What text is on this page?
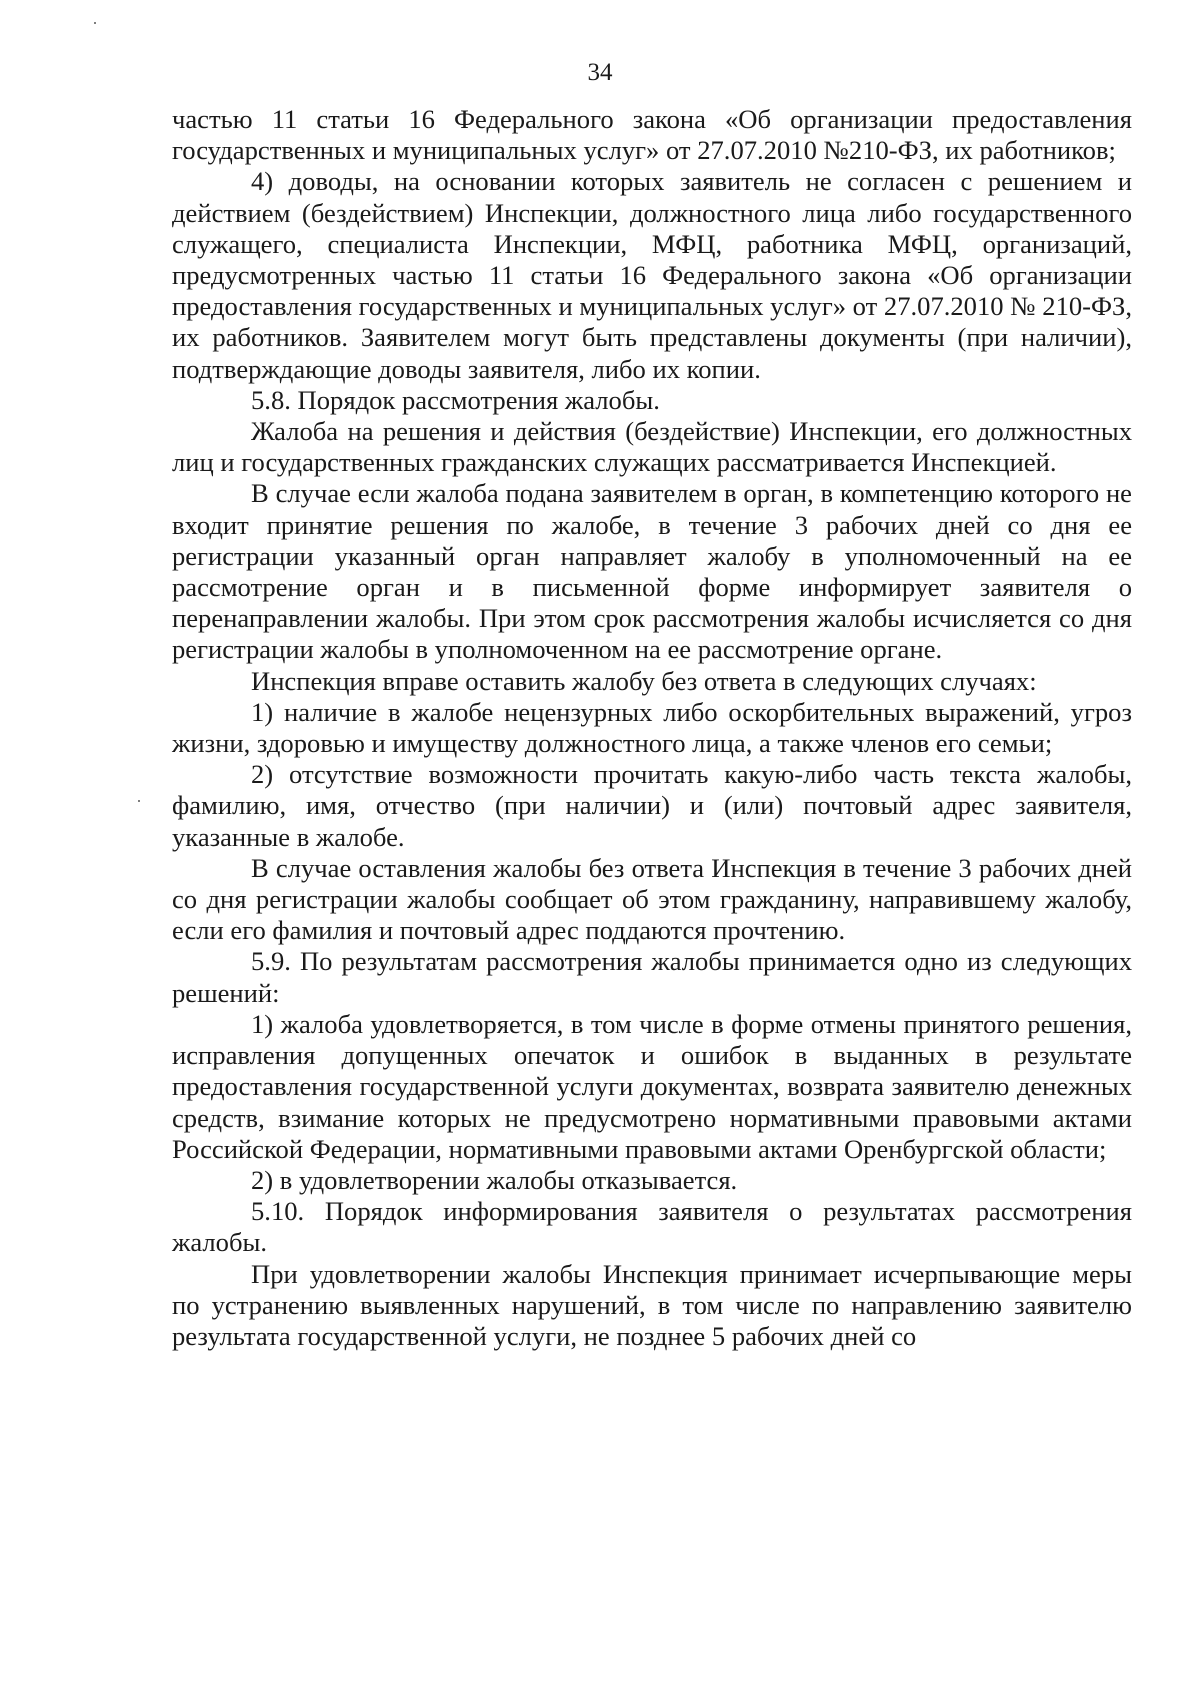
34

частью 11 статьи 16 Федерального закона «Об организации предоставления государственных и муниципальных услуг» от 27.07.2010 №210-ФЗ, их работников;

4) доводы, на основании которых заявитель не согласен с решением и действием (бездействием) Инспекции, должностного лица либо государственного служащего, специалиста Инспекции, МФЦ, работника МФЦ, организаций, предусмотренных частью 11 статьи 16 Федерального закона «Об организации предоставления государственных и муниципальных услуг» от 27.07.2010 № 210-ФЗ, их работников. Заявителем могут быть представлены документы (при наличии), подтверждающие доводы заявителя, либо их копии.

5.8. Порядок рассмотрения жалобы.

Жалоба на решения и действия (бездействие) Инспекции, его должностных лиц и государственных гражданских служащих рассматривается Инспекцией.

В случае если жалоба подана заявителем в орган, в компетенцию которого не входит принятие решения по жалобе, в течение 3 рабочих дней со дня ее регистрации указанный орган направляет жалобу в уполномоченный на ее рассмотрение орган и в письменной форме информирует заявителя о перенаправлении жалобы. При этом срок рассмотрения жалобы исчисляется со дня регистрации жалобы в уполномоченном на ее рассмотрение органе.

Инспекция вправе оставить жалобу без ответа в следующих случаях:

1) наличие в жалобе нецензурных либо оскорбительных выражений, угроз жизни, здоровью и имуществу должностного лица, а также членов его семьи;

2) отсутствие возможности прочитать какую-либо часть текста жалобы, фамилию, имя, отчество (при наличии) и (или) почтовый адрес заявителя, указанные в жалобе.

В случае оставления жалобы без ответа Инспекция в течение 3 рабочих дней со дня регистрации жалобы сообщает об этом гражданину, направившему жалобу, если его фамилия и почтовый адрес поддаются прочтению.

5.9. По результатам рассмотрения жалобы принимается одно из следующих решений:

1) жалоба удовлетворяется, в том числе в форме отмены принятого решения, исправления допущенных опечаток и ошибок в выданных в результате предоставления государственной услуги документах, возврата заявителю денежных средств, взимание которых не предусмотрено нормативными правовыми актами Российской Федерации, нормативными правовыми актами Оренбургской области;

2) в удовлетворении жалобы отказывается.

5.10. Порядок информирования заявителя о результатах рассмотрения жалобы.

При удовлетворении жалобы Инспекция принимает исчерпывающие меры по устранению выявленных нарушений, в том числе по направлению заявителю результата государственной услуги, не позднее 5 рабочих дней со
